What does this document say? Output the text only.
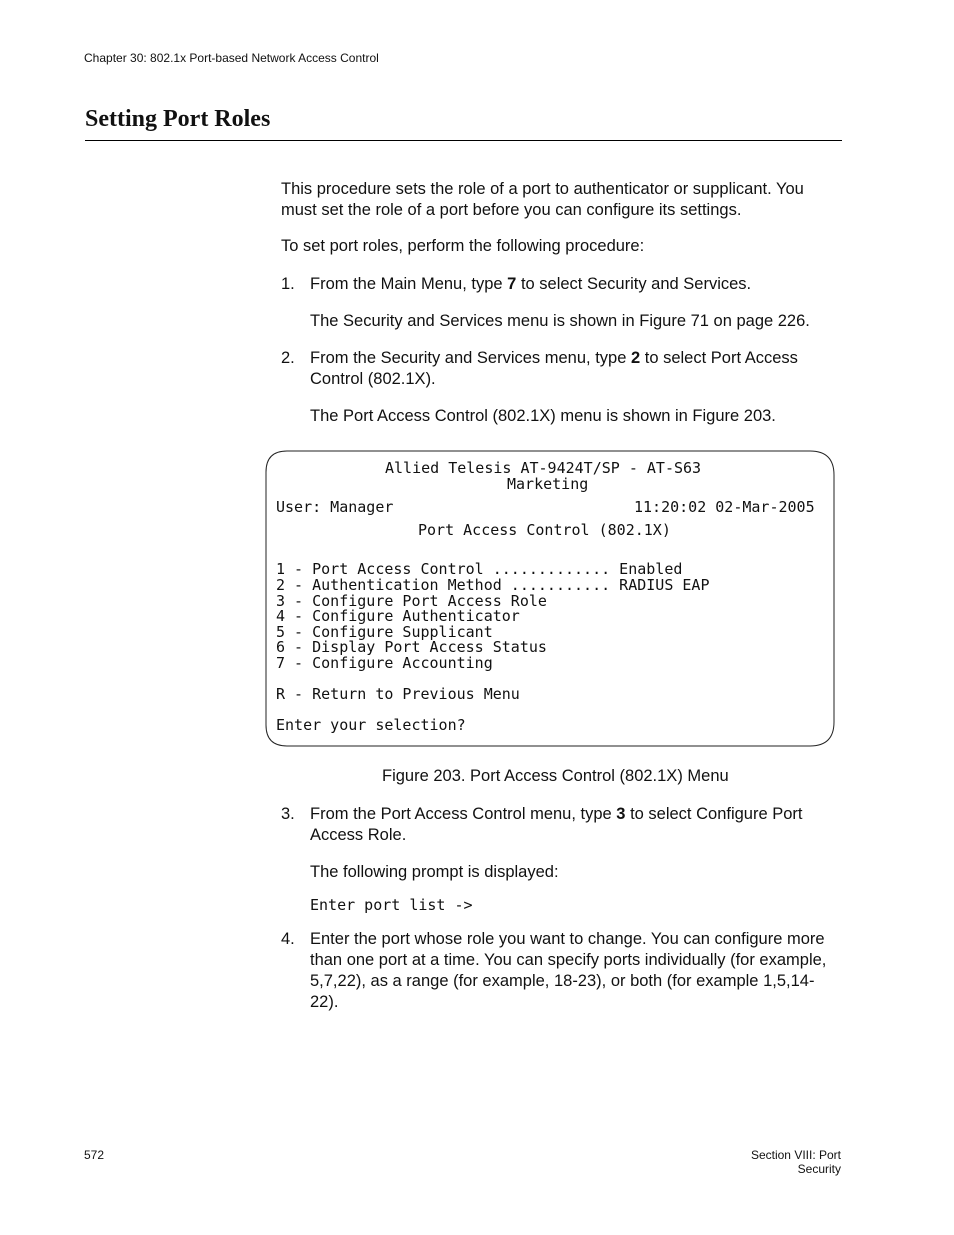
Chapter 30: 802.1x Port-based Network Access Control
Setting Port Roles
This procedure sets the role of a port to authenticator or supplicant. You must set the role of a port before you can configure its settings.
To set port roles, perform the following procedure:
1. From the Main Menu, type 7 to select Security and Services.
The Security and Services menu is shown in Figure 71 on page 226.
2. From the Security and Services menu, type 2 to select Port Access Control (802.1X).
The Port Access Control (802.1X) menu is shown in Figure 203.
Allied Telesis AT-9424T/SP - AT-S63
Marketing
User: Manager	11:20:02 02-Mar-2005
Port Access Control (802.1X)
1 - Port Access Control ............. Enabled
2 - Authentication Method ........... RADIUS EAP
3 - Configure Port Access Role
4 - Configure Authenticator
5 - Configure Supplicant
6 - Display Port Access Status
7 - Configure Accounting
R - Return to Previous Menu
Enter your selection?
Figure 203. Port Access Control (802.1X) Menu
3. From the Port Access Control menu, type 3 to select Configure Port Access Role.
The following prompt is displayed:
Enter port list ->
4. Enter the port whose role you want to change. You can configure more than one port at a time. You can specify ports individually (for example, 5,7,22), as a range (for example, 18-23), or both (for example 1,5,14-22).
572	Section VIII: Port Security
